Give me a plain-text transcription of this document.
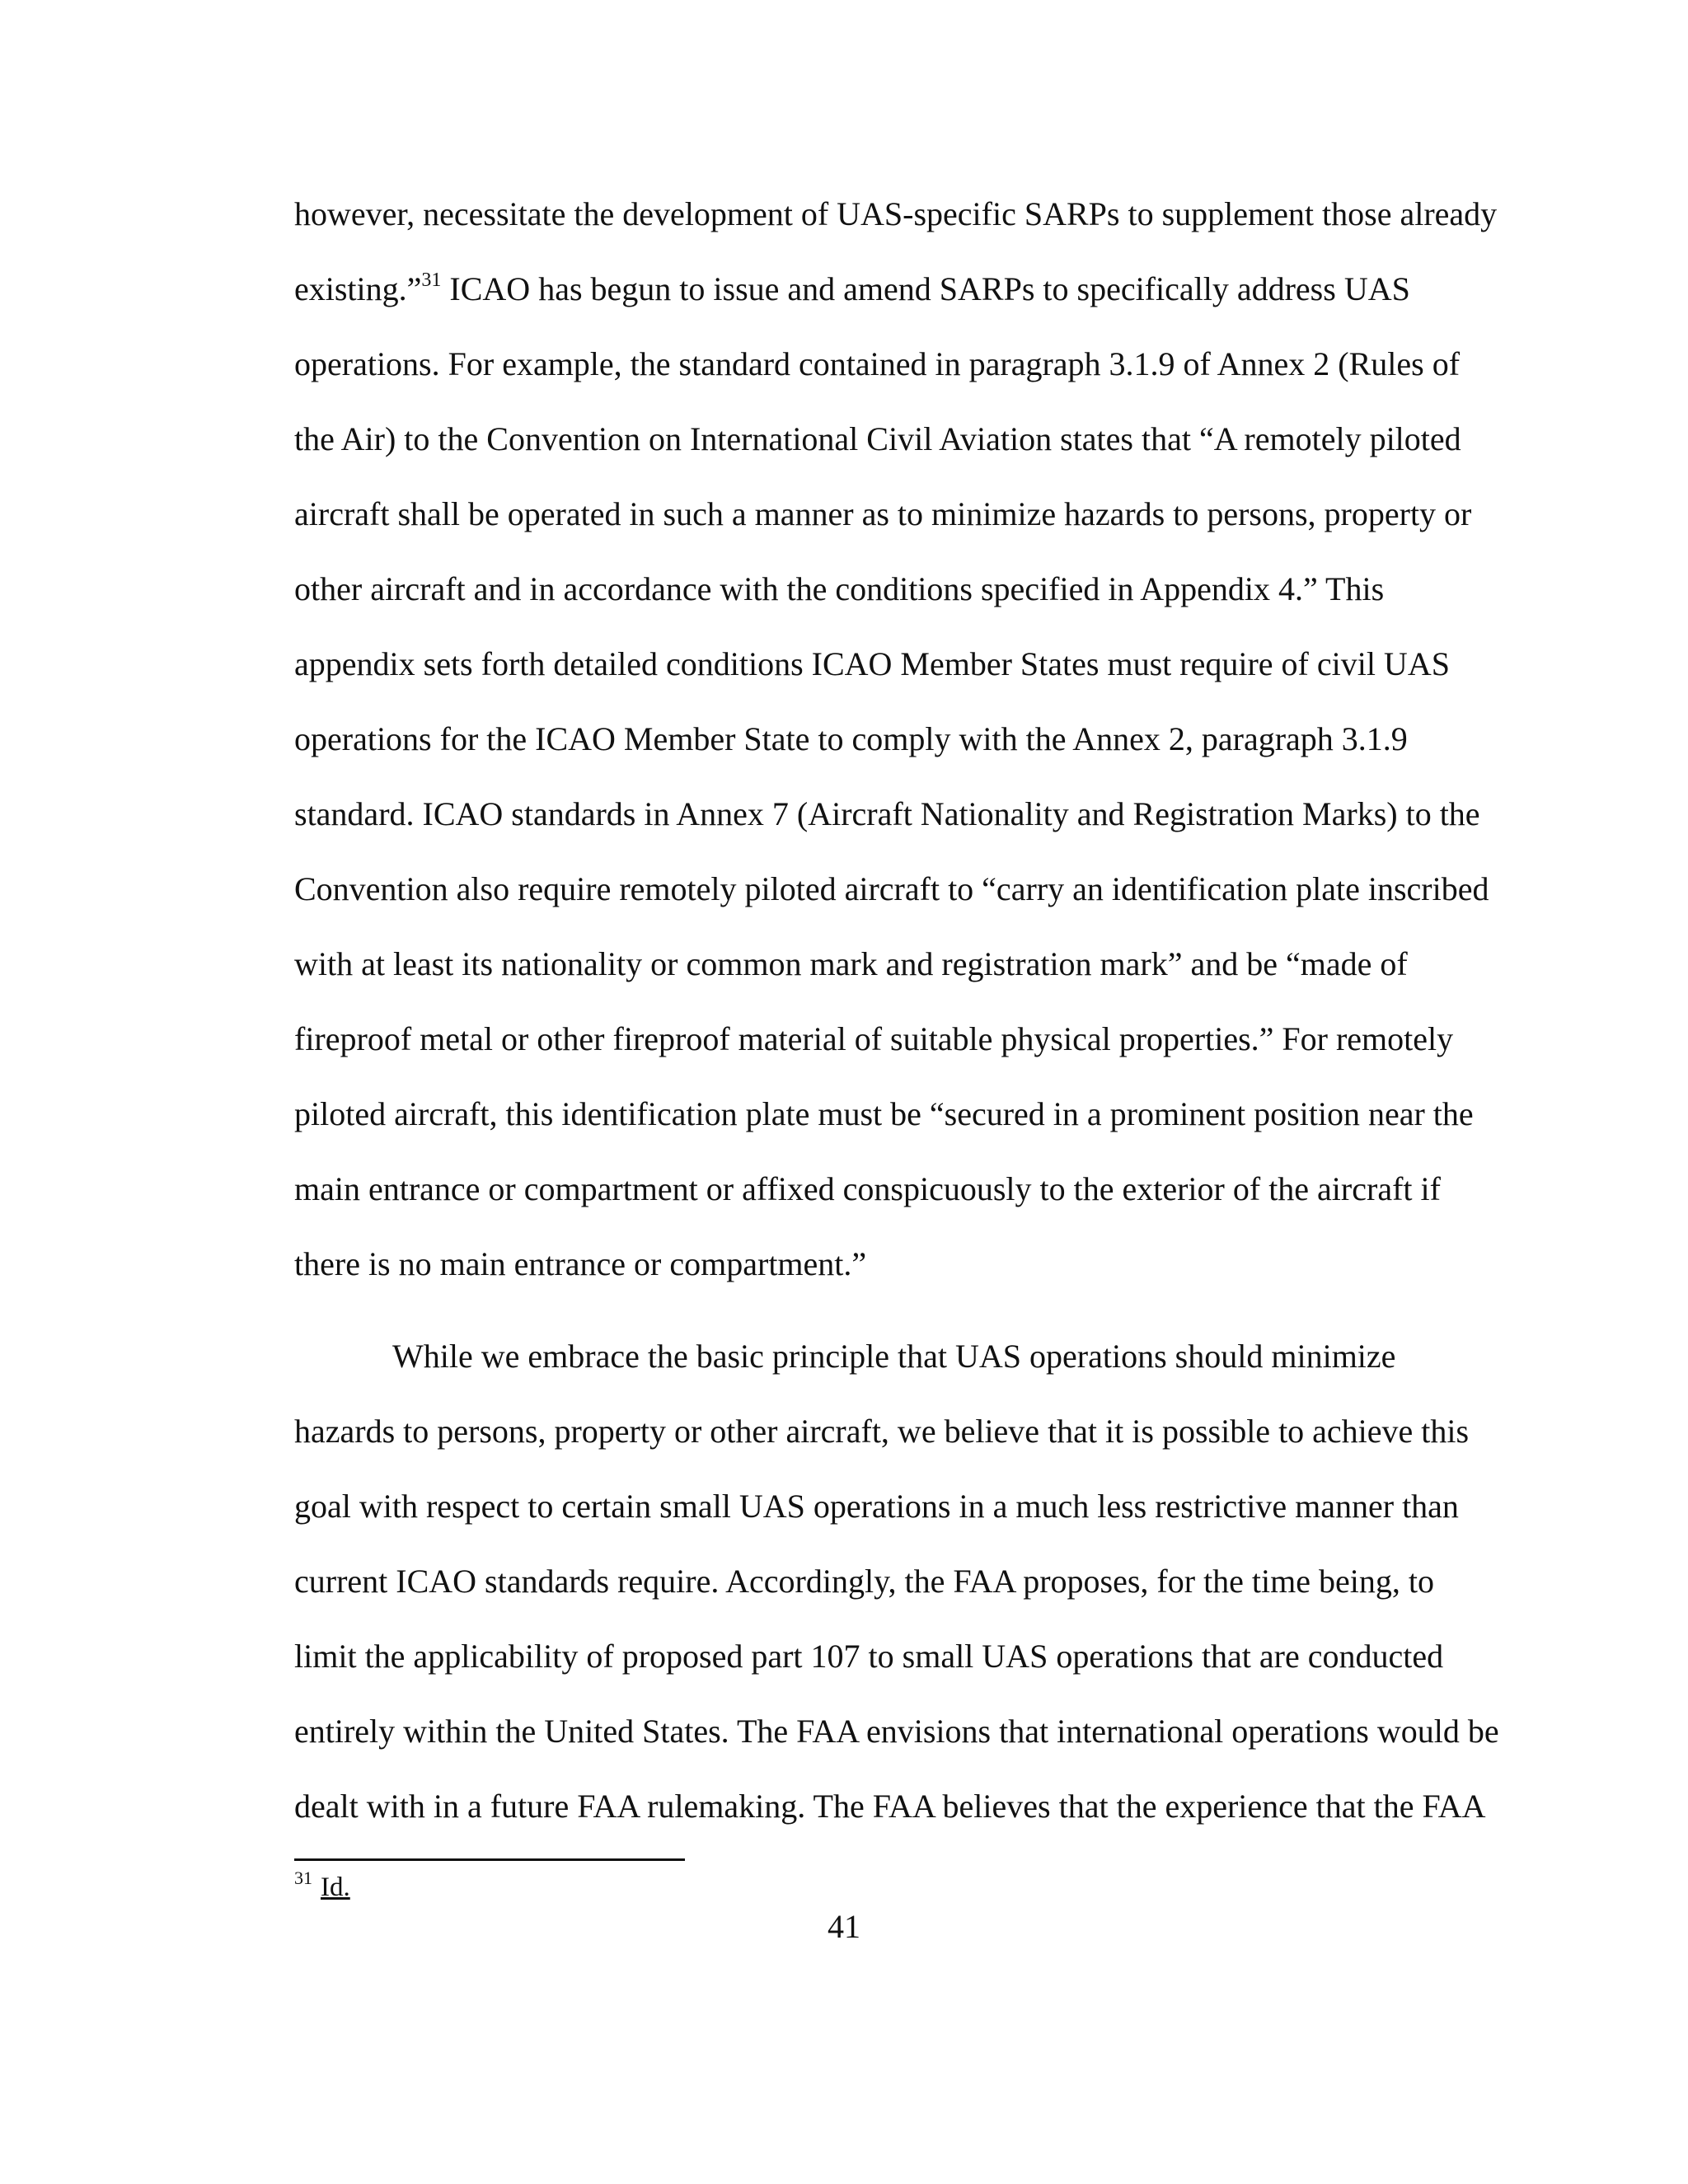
however, necessitate the development of UAS-specific SARPs to supplement those already

existing.”$^{31}$ ICAO has begun to issue and amend SARPs to specifically address UAS

operations. For example, the standard contained in paragraph 3.1.9 of Annex 2 (Rules of

the Air) to the Convention on International Civil Aviation states that “A remotely piloted

aircraft shall be operated in such a manner as to minimize hazards to persons, property or

other aircraft and in accordance with the conditions specified in Appendix 4.” This

appendix sets forth detailed conditions ICAO Member States must require of civil UAS

operations for the ICAO Member State to comply with the Annex 2, paragraph 3.1.9

standard. ICAO standards in Annex 7 (Aircraft Nationality and Registration Marks) to the

Convention also require remotely piloted aircraft to “carry an identification plate inscribed

with at least its nationality or common mark and registration mark” and be “made of

fireproof metal or other fireproof material of suitable physical properties.” For remotely

piloted aircraft, this identification plate must be “secured in a prominent position near the

main entrance or compartment or affixed conspicuously to the exterior of the aircraft if

there is no main entrance or compartment.”

While we embrace the basic principle that UAS operations should minimize

hazards to persons, property or other aircraft, we believe that it is possible to achieve this

goal with respect to certain small UAS operations in a much less restrictive manner than

current ICAO standards require. Accordingly, the FAA proposes, for the time being, to

limit the applicability of proposed part 107 to small UAS operations that are conducted

entirely within the United States. The FAA envisions that international operations would be

dealt with in a future FAA rulemaking. The FAA believes that the experience that the FAA

$^{31}$ Id.
41
